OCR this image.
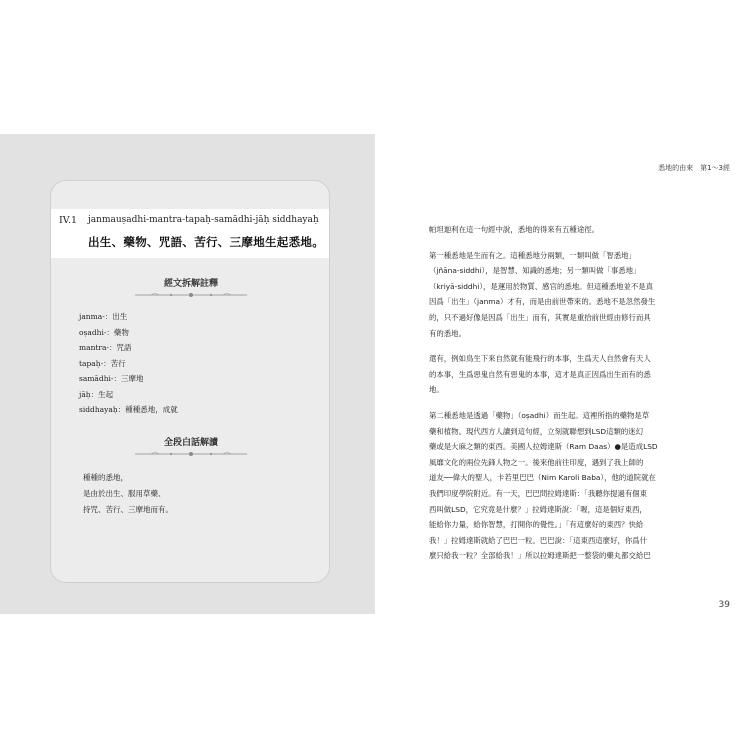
IV.1 janmauṣadhi-mantra-tapaḥ-samādhi-jāḥ siddhayaḥ
出生、藥物、咒語、苦行、三摩地生起悉地。
經文拆解註釋
janma-：出生
oṣadhi-：藥物
mantra-：咒語
tapaḥ-：苦行
samādhi-：三摩地
jāḥ：生起
siddhayaḥ：種種悉地，成就
全段白話解讀
種種的悉地，
是由於出生、服用草藥、
持咒、苦行、三摩地而有。
悉地的由來　第1～3經
帕坦迦利在這一句經中說，悉地的得來有五種途徑。
第一種悉地是生而有之。這種悉地分兩類，一類叫做「智悉地」
（jñāna-siddhi），是智慧、知識的悉地；另一類叫做「事悉地」
（kriyā-siddhi），是運用於物質、感官的悉地。但這種悉地並不是真
因爲「出生」（janma）才有，而是由前世帶來的。悉地不是忽然發生
的，只不過好像是因爲「出生」而有，其實是重拾前世經由修行而具
有的悉地。
還有，例如鳥生下來自然就有能飛行的本事，生爲天人自然會有天人
的本事，生爲惡鬼自然有惡鬼的本事，這才是真正因爲出生而有的悉
地。
第二種悉地是透過「藥物」（oṣadhi）而生起。這裡所指的藥物是草
藥和植物。現代西方人讀到這句經，立刻就聯想到LSD這類的迷幻
藥或是大麻之類的東西。美國人拉姆達斯（Ram Daas）●是造成LSD
風靡文化的兩位先鋒人物之一。後來他前往印度，遇到了我上師的
道友──偉大的聖人，卡若里巴巴（Nim Karoli Baba），他的道院就在
我們印度學院附近。有一天，巴巴問拉姆達斯：「我聽你提過有個東
西叫做LSD，它究竟是什麼？」拉姆達斯說：「喔，這是個好東西，
能給你力量，給你智慧，打開你的覺性。」「有這麼好的東西？快給
我！」拉姆達斯就給了巴巴一粒。巴巴說：「這東西這麼好，你爲什
麼只給我一粒？全部給我！」所以拉姆達斯把一整袋的藥丸都交給巴
39
